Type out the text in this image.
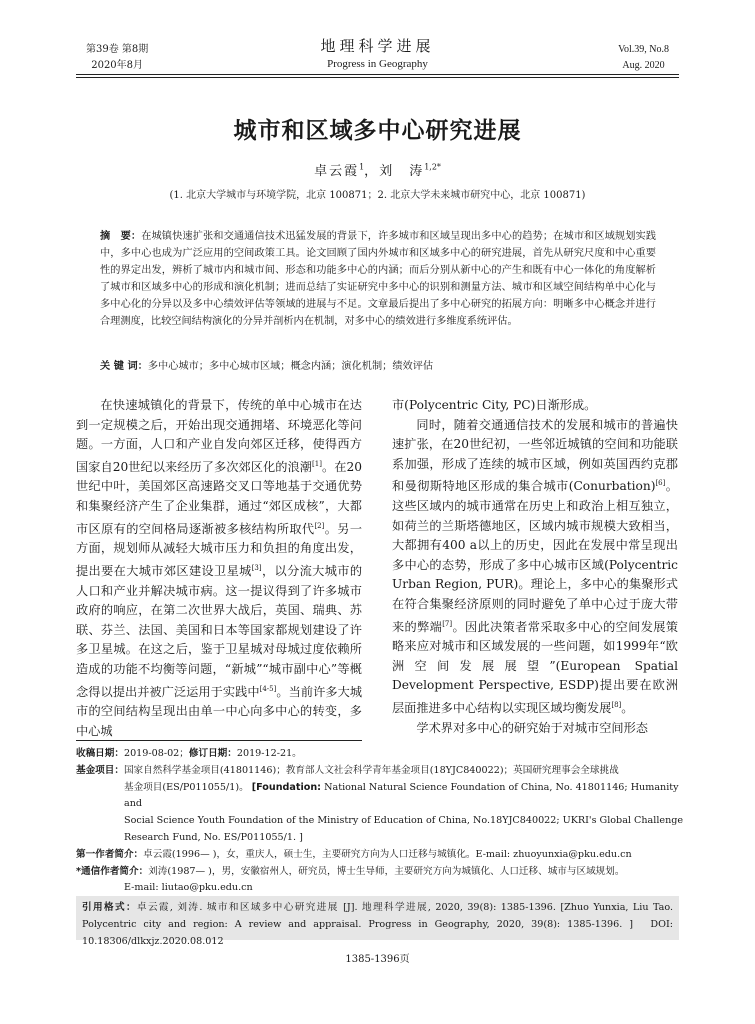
第39卷 第8期
2020年8月
地理科学进展
Progress in Geography
Vol.39, No.8
Aug. 2020
城市和区域多中心研究进展
卓云霞$^1$，刘　涛$^{1,2*}$
(1. 北京大学城市与环境学院，北京 100871；2. 北京大学未来城市研究中心，北京 100871)
摘　要：在城镇快速扩张和交通通信技术迅猛发展的背景下，许多城市和区域呈现出多中心的趋势；在城市和区域规划实践中，多中心也成为广泛应用的空间政策工具。论文回顾了国内外城市和区域多中心的研究进展，首先从研究尺度和中心重要性的界定出发，辨析了城市内和城市间、形态和功能多中心的内涵；而后分别从新中心的产生和既有中心一体化的角度解析了城市和区域多中心的形成和演化机制；进而总结了实证研究中多中心的识别和测量方法、城市和区域空间结构单中心化与多中心化的分异以及多中心绩效评估等领域的进展与不足。文章最后提出了多中心研究的拓展方向：明晰多中心概念并进行合理测度，比较空间结构演化的分异并剖析内在机制，对多中心的绩效进行多维度系统评估。
关 键 词：多中心城市；多中心城市区域；概念内涵；演化机制；绩效评估

在快速城镇化的背景下，传统的单中心城市在达到一定规模之后，开始出现交通拥堵、环境恶化等问题。一方面，人口和产业自发向郊区迁移，使得西方国家自20世纪以来经历了多次郊区化的浪潮[1]。在20世纪中叶，美国郊区高速路交叉口等地基于交通优势和集聚经济产生了企业集群，通过“郊区成核”，大都市区原有的空间格局逐渐被多核结构所取代[2]。另一方面，规划师从减轻大城市压力和负担的角度出发，提出要在大城市郊区建设卫星城[3]，以分流大城市的人口和产业并解决城市病。这一提议得到了许多城市政府的响应，在第二次世界大战后，英国、瑞典、苏联、芬兰、法国、美国和日本等国家都规划建设了许多卫星城。在这之后，鉴于卫星城对母城过度依赖所造成的功能不均衡等问题，“新城”“城市副中心”等概念得以提出并被广泛运用于实践中[4-5]。当前许多大城市的空间结构呈现出由单一中心向多中心的转变，多中心城

市(Polycentric City, PC)日渐形成。

同时，随着交通通信技术的发展和城市的普遍快速扩张，在20世纪初，一些邻近城镇的空间和功能联系加强，形成了连续的城市区域，例如英国西约克郡和曼彻斯特地区形成的集合城市(Conurbation)[6]。这些区域内的城市通常在历史上和政治上相互独立，如荷兰的兰斯塔德地区，区域内城市规模大致相当，大都拥有400 a以上的历史，因此在发展中常呈现出多中心的态势，形成了多中心城市区域(Polycentric Urban Region, PUR)。理论上，多中心的集聚形式在符合集聚经济原则的同时避免了单中心过于庞大带来的弊端[7]。因此决策者常采取多中心的空间发展策略来应对城市和区域发展的一些问题，如1999年“欧洲空间发展展望”(European Spatial Development Perspective, ESDP)提出要在欧洲层面推进多中心结构以实现区域均衡发展[8]。

学术界对多中心的研究始于对城市空间形态

收稿日期：2019-08-02；修订日期：2019-12-21。
基金项目：国家自然科学基金项目(41801146)；教育部人文社会科学青年基金项目(18YJC840022)；英国研究理事会全球挑战
基金项目(ES/P011055/1)。 [Foundation: National Natural Science Foundation of China, No. 41801146; Humanity and
Social Science Youth Foundation of the Ministry of Education of China, No.18YJC840022; UKRI's Global Challenge
Research Fund, No. ES/P011055/1. ]
第一作者简介：卓云霞(1996— )，女，重庆人，硕士生，主要研究方向为人口迁移与城镇化。E-mail: zhuoyunxia@pku.edu.cn
*通信作者简介：刘涛(1987— )，男，安徽宿州人，研究员，博士生导师，主要研究方向为城镇化、人口迁移、城市与区域规划。
E-mail: liutao@pku.edu.cn
引用格式：卓云霞, 刘涛. 城市和区域多中心研究进展 [J]. 地理科学进展, 2020, 39(8): 1385-1396. [Zhuo Yunxia, Liu Tao. Polycentric city and region: A review and appraisal. Progress in Geography, 2020, 39(8): 1385-1396. ]　DOI: 10.18306/dlkxjz.2020.08.012
1385-1396页
